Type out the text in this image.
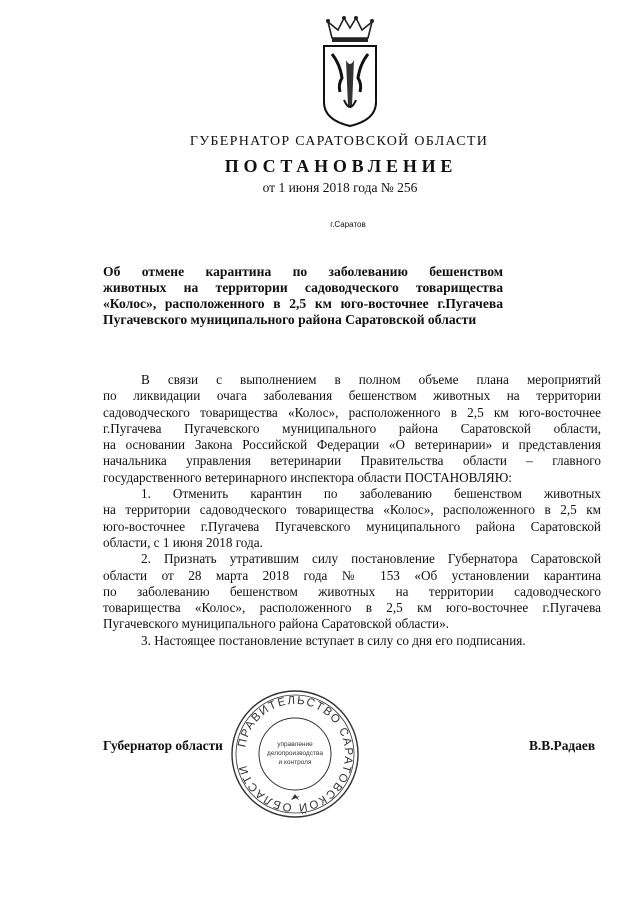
ГУБЕРНАТОР САРАТОВСКОЙ ОБЛАСТИ
ПОСТАНОВЛЕНИЕ
от 1 июня 2018 года № 256
г.Саратов
Об отмене карантина по заболеванию бешенством
животных на территории садоводческого товарищества
«Колос», расположенного в 2,5 км юго-восточнее г.Пугачева
Пугачевского муниципального района Саратовской области
В связи с выполнением в полном объеме плана мероприятий
по ликвидации очага заболевания бешенством животных на территории
садоводческого товарищества «Колос», расположенного в 2,5 км юго-восточнее
г.Пугачева Пугачевского муниципального района Саратовской области,
на основании Закона Российской Федерации «О ветеринарии» и представления
начальника управления ветеринарии Правительства области – главного
государственного ветеринарного инспектора области ПОСТАНОВЛЯЮ:
1. Отменить карантин по заболеванию бешенством животных
на территории садоводческого товарищества «Колос», расположенного в 2,5 км
юго-восточнее г.Пугачева Пугачевского муниципального района Саратовской
области, с 1 июня 2018 года.
2. Признать утратившим силу постановление Губернатора Саратовской
области от 28 марта 2018 года № 153 «Об установлении карантина
по заболеванию бешенством животных на территории садоводческого
товарищества «Колос», расположенного в 2,5 км юго-восточнее г.Пугачева
Пугачевского муниципального района Саратовской области».
3. Настоящее постановление вступает в силу со дня его подписания.
Губернатор области	В.В.Радаев
ПРАВИТЕЛЬСТВО САРАТОВСКОЙ ОБЛАСТИ
управление
делопроизводства
и контроля
